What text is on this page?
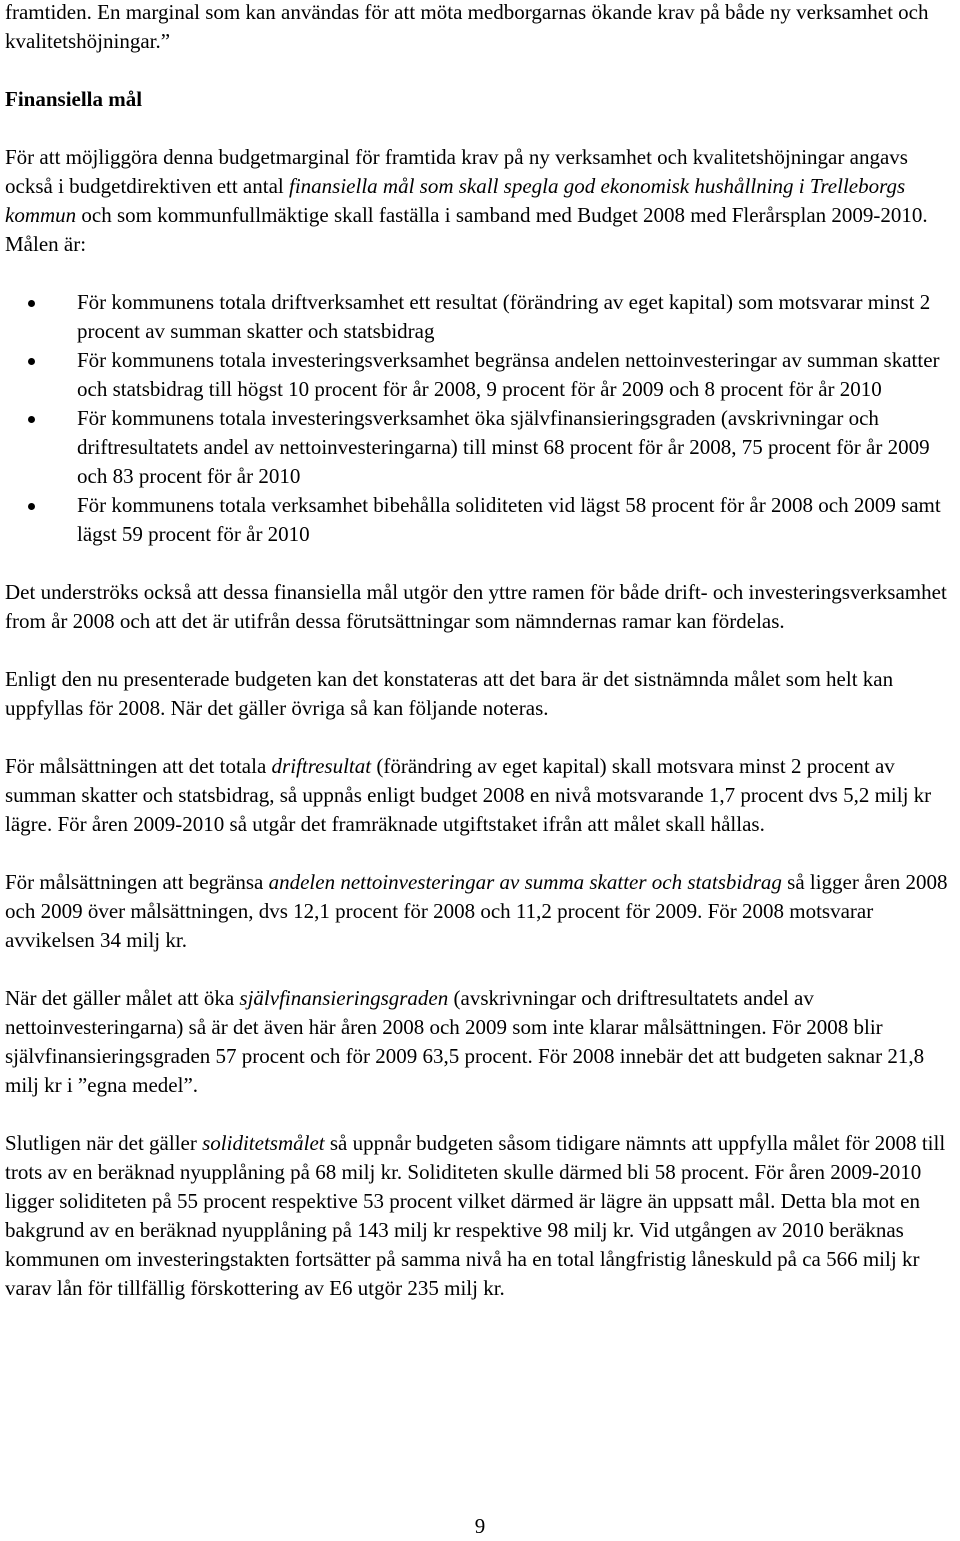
framtiden. En marginal som kan användas för att möta medborgarnas ökande krav på både ny verksamhet och kvalitetshöjningar.”

Finansiella mål

För att möjliggöra denna budgetmarginal för framtida krav på ny verksamhet och kvalitetshöjningar angavs också i budgetdirektiven ett antal finansiella mål som skall spegla god ekonomisk hushållning i Trelleborgs kommun och som kommunfullmäktige skall faställa i samband med Budget 2008 med Flerårsplan 2009-2010. Målen är:

För kommunens totala driftverksamhet ett resultat (förändring av eget kapital) som motsvarar minst 2 procent av summan skatter och statsbidrag
För kommunens totala investeringsverksamhet begränsa andelen nettoinvesteringar av summan skatter och statsbidrag till högst 10 procent för år 2008, 9 procent för år 2009 och 8 procent för år 2010
För kommunens totala investeringsverksamhet öka självfinansieringsgraden (avskrivningar och driftresultatets andel av nettoinvesteringarna) till minst 68 procent för år 2008, 75 procent för år 2009 och 83 procent för år 2010
För kommunens totala verksamhet bibehålla soliditeten vid lägst 58 procent för år 2008 och 2009 samt lägst 59 procent för år 2010

Det underströks också att dessa finansiella mål utgör den yttre ramen för både drift- och investeringsverksamhet from år 2008 och att det är utifrån dessa förutsättningar som nämndernas ramar kan fördelas.

Enligt den nu presenterade budgeten kan det konstateras att det bara är det sistnämnda målet som helt kan uppfyllas för 2008. När det gäller övriga så kan följande noteras.

För målsättningen att det totala driftresultat (förändring av eget kapital) skall motsvara minst 2 procent av summan skatter och statsbidrag, så uppnås enligt budget 2008 en nivå motsvarande 1,7 procent dvs 5,2 milj kr lägre. För åren 2009-2010 så utgår det framräknade utgiftstaket ifrån att målet skall hållas.

För målsättningen att begränsa andelen nettoinvesteringar av summa skatter och statsbidrag så ligger åren 2008 och 2009 över målsättningen, dvs 12,1 procent för 2008 och 11,2 procent för 2009. För 2008 motsvarar avvikelsen 34 milj kr.

När det gäller målet att öka självfinansieringsgraden (avskrivningar och driftresultatets andel av nettoinvesteringarna) så är det även här åren 2008 och 2009 som inte klarar målsättningen. För 2008 blir självfinansieringsgraden 57 procent och för 2009 63,5 procent. För 2008 innebär det att budgeten saknar 21,8 milj kr i ”egna medel”.

Slutligen när det gäller soliditetsmålet så uppnår budgeten såsom tidigare nämnts att uppfylla målet för 2008 till trots av en beräknad nyupplåning på 68 milj kr. Soliditeten skulle därmed bli 58 procent. För åren 2009-2010 ligger soliditeten på 55 procent respektive 53 procent vilket därmed är lägre än uppsatt mål. Detta bla mot en bakgrund av en beräknad nyupplåning på 143 milj kr respektive 98 milj kr. Vid utgången av 2010 beräknas kommunen om investeringstakten fortsätter på samma nivå ha en total långfristig låneskuld på ca 566 milj kr varav lån för tillfällig förskottering av E6 utgör 235 milj kr.

9
